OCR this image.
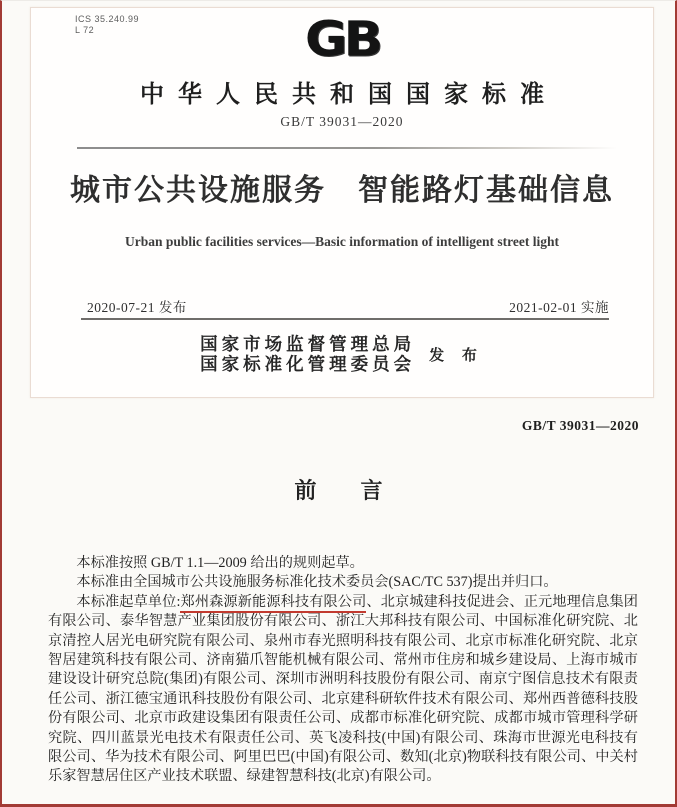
ICS 35.240.99
L 72	GB
中华人民共和国国家标准
GB/T 39031—2020
城市公共设施服务　智能路灯基础信息
Urban public facilities services—Basic information of intelligent street light
2020-07-21 发布	2021-02-01 实施
国家市场监督管理总局
国家标准化管理委员会 发 布
GB/T 39031—2020
前　　言

本标准按照 GB/T 1.1—2009 给出的规则起草。

本标准由全国城市公共设施服务标准化技术委员会(SAC/TC 537)提出并归口。

本标准起草单位:郑州森源新能源科技有限公司、北京城建科技促进会、正元地理信息集团有限公司、泰华智慧产业集团股份有限公司、浙江大邦科技有限公司、中国标准化研究院、北京清控人居光电研究院有限公司、泉州市春光照明科技有限公司、北京市标准化研究院、北京智居建筑科技有限公司、济南猫爪智能机械有限公司、常州市住房和城乡建设局、上海市城市建设设计研究总院(集团)有限公司、深圳市洲明科技股份有限公司、南京宁图信息技术有限责任公司、浙江德宝通讯科技股份有限公司、北京建科研软件技术有限公司、郑州西普德科技股份有限公司、北京市政建设集团有限责任公司、成都市标准化研究院、成都市城市管理科学研究院、四川蓝景光电技术有限责任公司、英飞凌科技(中国)有限公司、珠海市世源光电科技有限公司、华为技术有限公司、阿里巴巴(中国)有限公司、数知(北京)物联科技有限公司、中关村乐家智慧居住区产业技术联盟、绿建智慧科技(北京)有限公司。
